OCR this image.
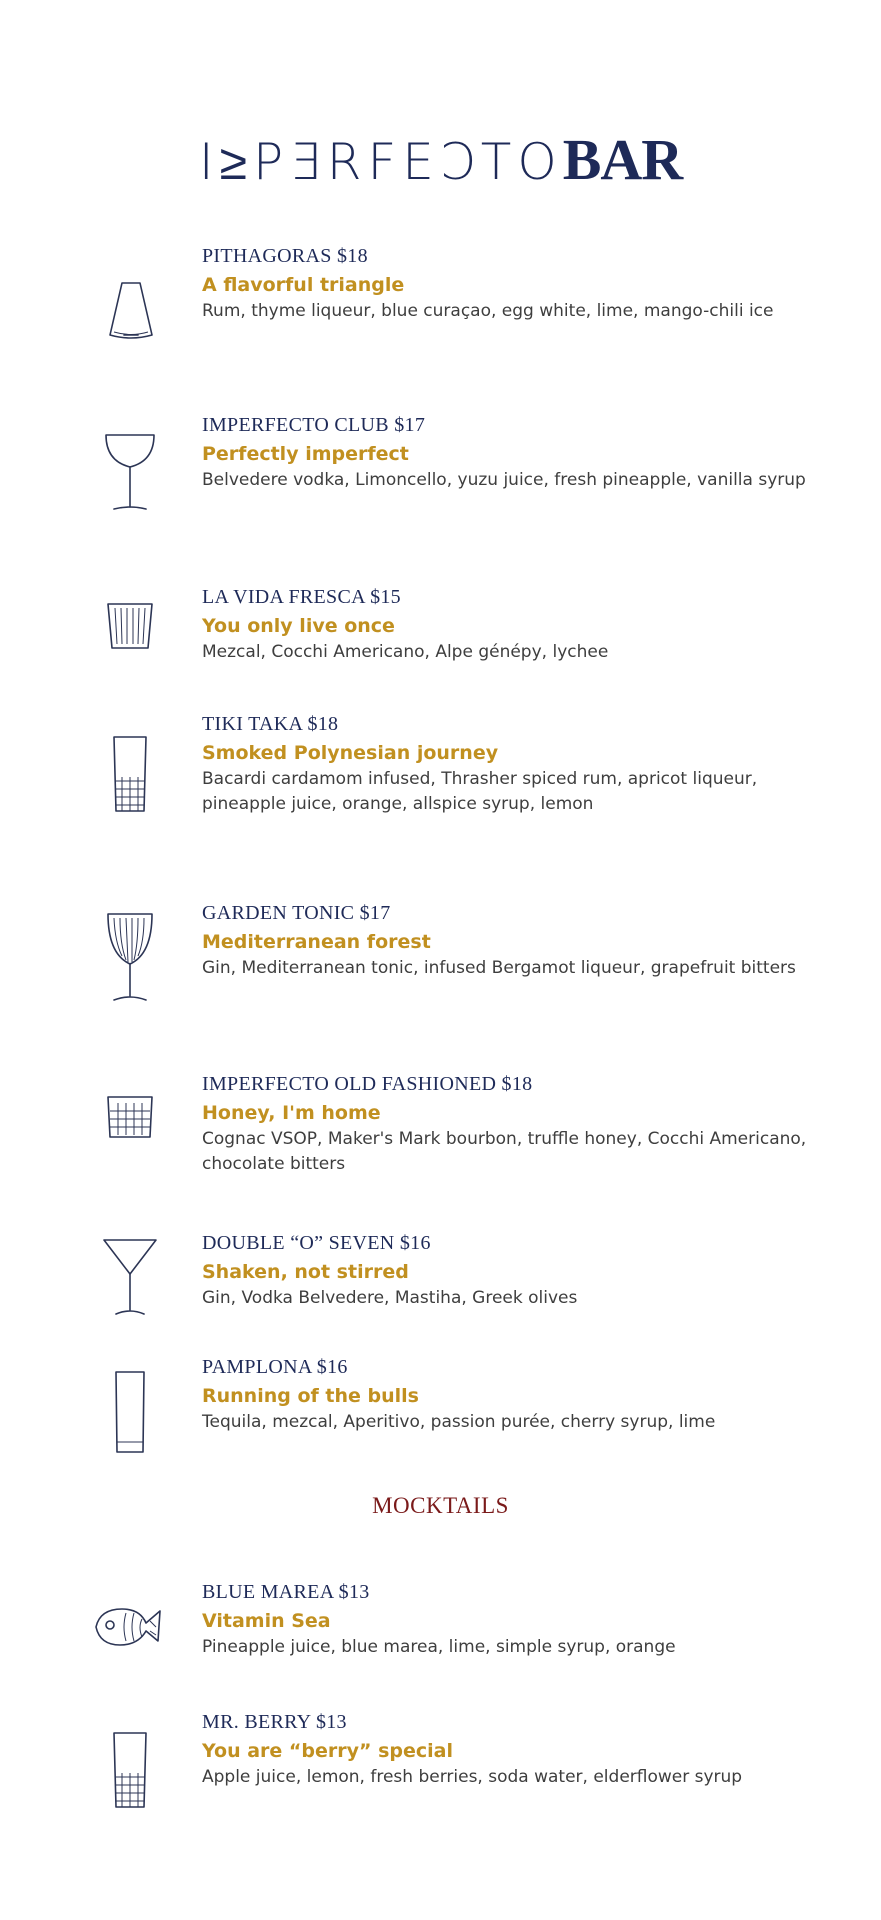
I≥PƎRFEϽTOBAR
PITHAGORAS $18
A flavorful triangle
Rum, thyme liqueur, blue curaçao, egg white, lime, mango-chili ice
IMPERFECTO CLUB $17
Perfectly imperfect
Belvedere vodka, Limoncello, yuzu juice, fresh pineapple, vanilla syrup
LA VIDA FRESCA $15
You only live once
Mezcal, Cocchi Americano, Alpe génépy, lychee
TIKI TAKA $18
Smoked Polynesian journey
Bacardi cardamom infused, Thrasher spiced rum, apricot liqueur, pineapple juice, orange, allspice syrup, lemon
GARDEN TONIC $17
Mediterranean forest
Gin, Mediterranean tonic, infused Bergamot liqueur, grapefruit bitters
IMPERFECTO OLD FASHIONED $18
Honey, I'm home
Cognac VSOP, Maker's Mark bourbon, truffle honey, Cocchi Americano, chocolate bitters
DOUBLE “O” SEVEN $16
Shaken, not stirred
Gin, Vodka Belvedere, Mastiha, Greek olives
PAMPLONA $16
Running of the bulls
Tequila, mezcal, Aperitivo, passion purée, cherry syrup, lime
MOCKTAILS
BLUE MAREA $13
Vitamin Sea
Pineapple juice, blue marea, lime, simple syrup, orange
MR. BERRY $13
You are “berry” special
Apple juice, lemon, fresh berries, soda water, elderflower syrup
